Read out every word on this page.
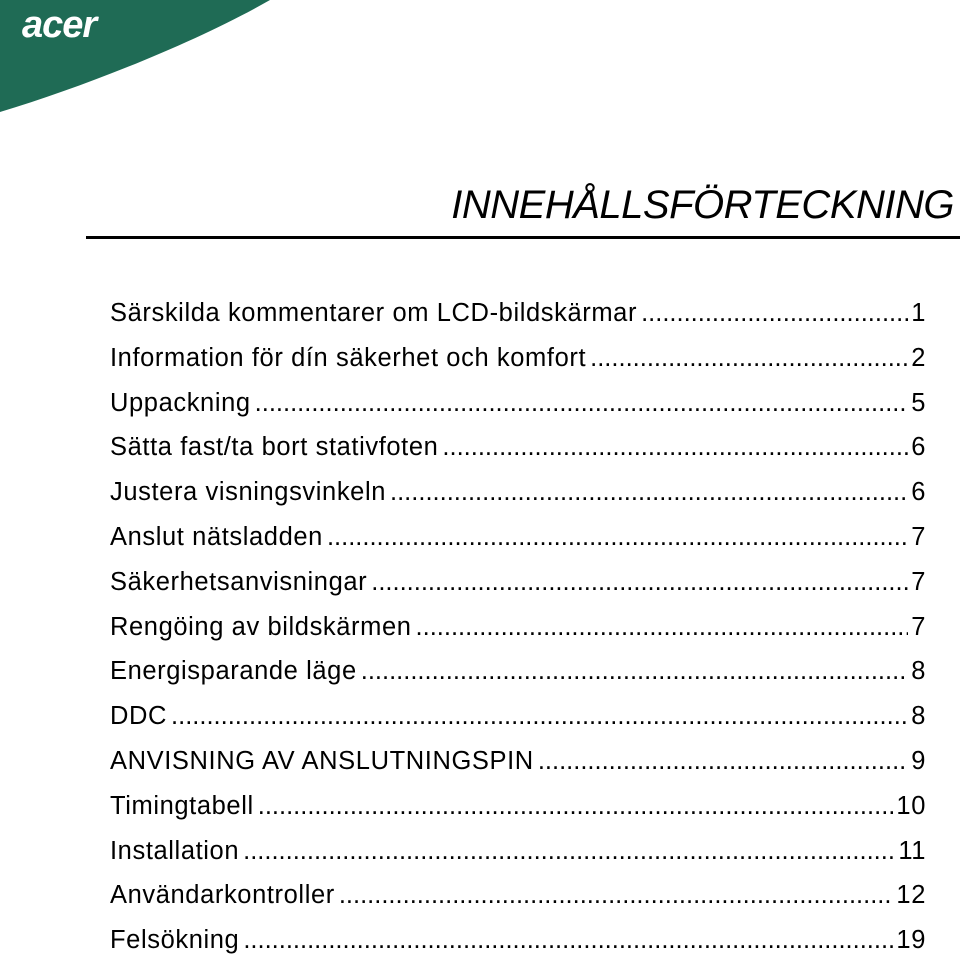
acer
INNEHÅLLSFÖRTECKNING
Särskilda kommentarer om LCD-bildskärmar .....	1
Information för dín säkerhet och komfort .....	2
Uppackning .....	5
Sätta fast/ta bort stativfoten .....	6
Justera visningsvinkeln .....	6
Anslut nätsladden .....	7
Säkerhetsanvisningar .....	7
Rengöing av bildskärmen .....	7
Energisparande läge .....	8
DDC .....	8
ANVISNING AV ANSLUTNINGSPIN .....	9
Timingtabell .....	10
Installation .....	11
Användarkontroller .....	12
Felsökning .....	19
